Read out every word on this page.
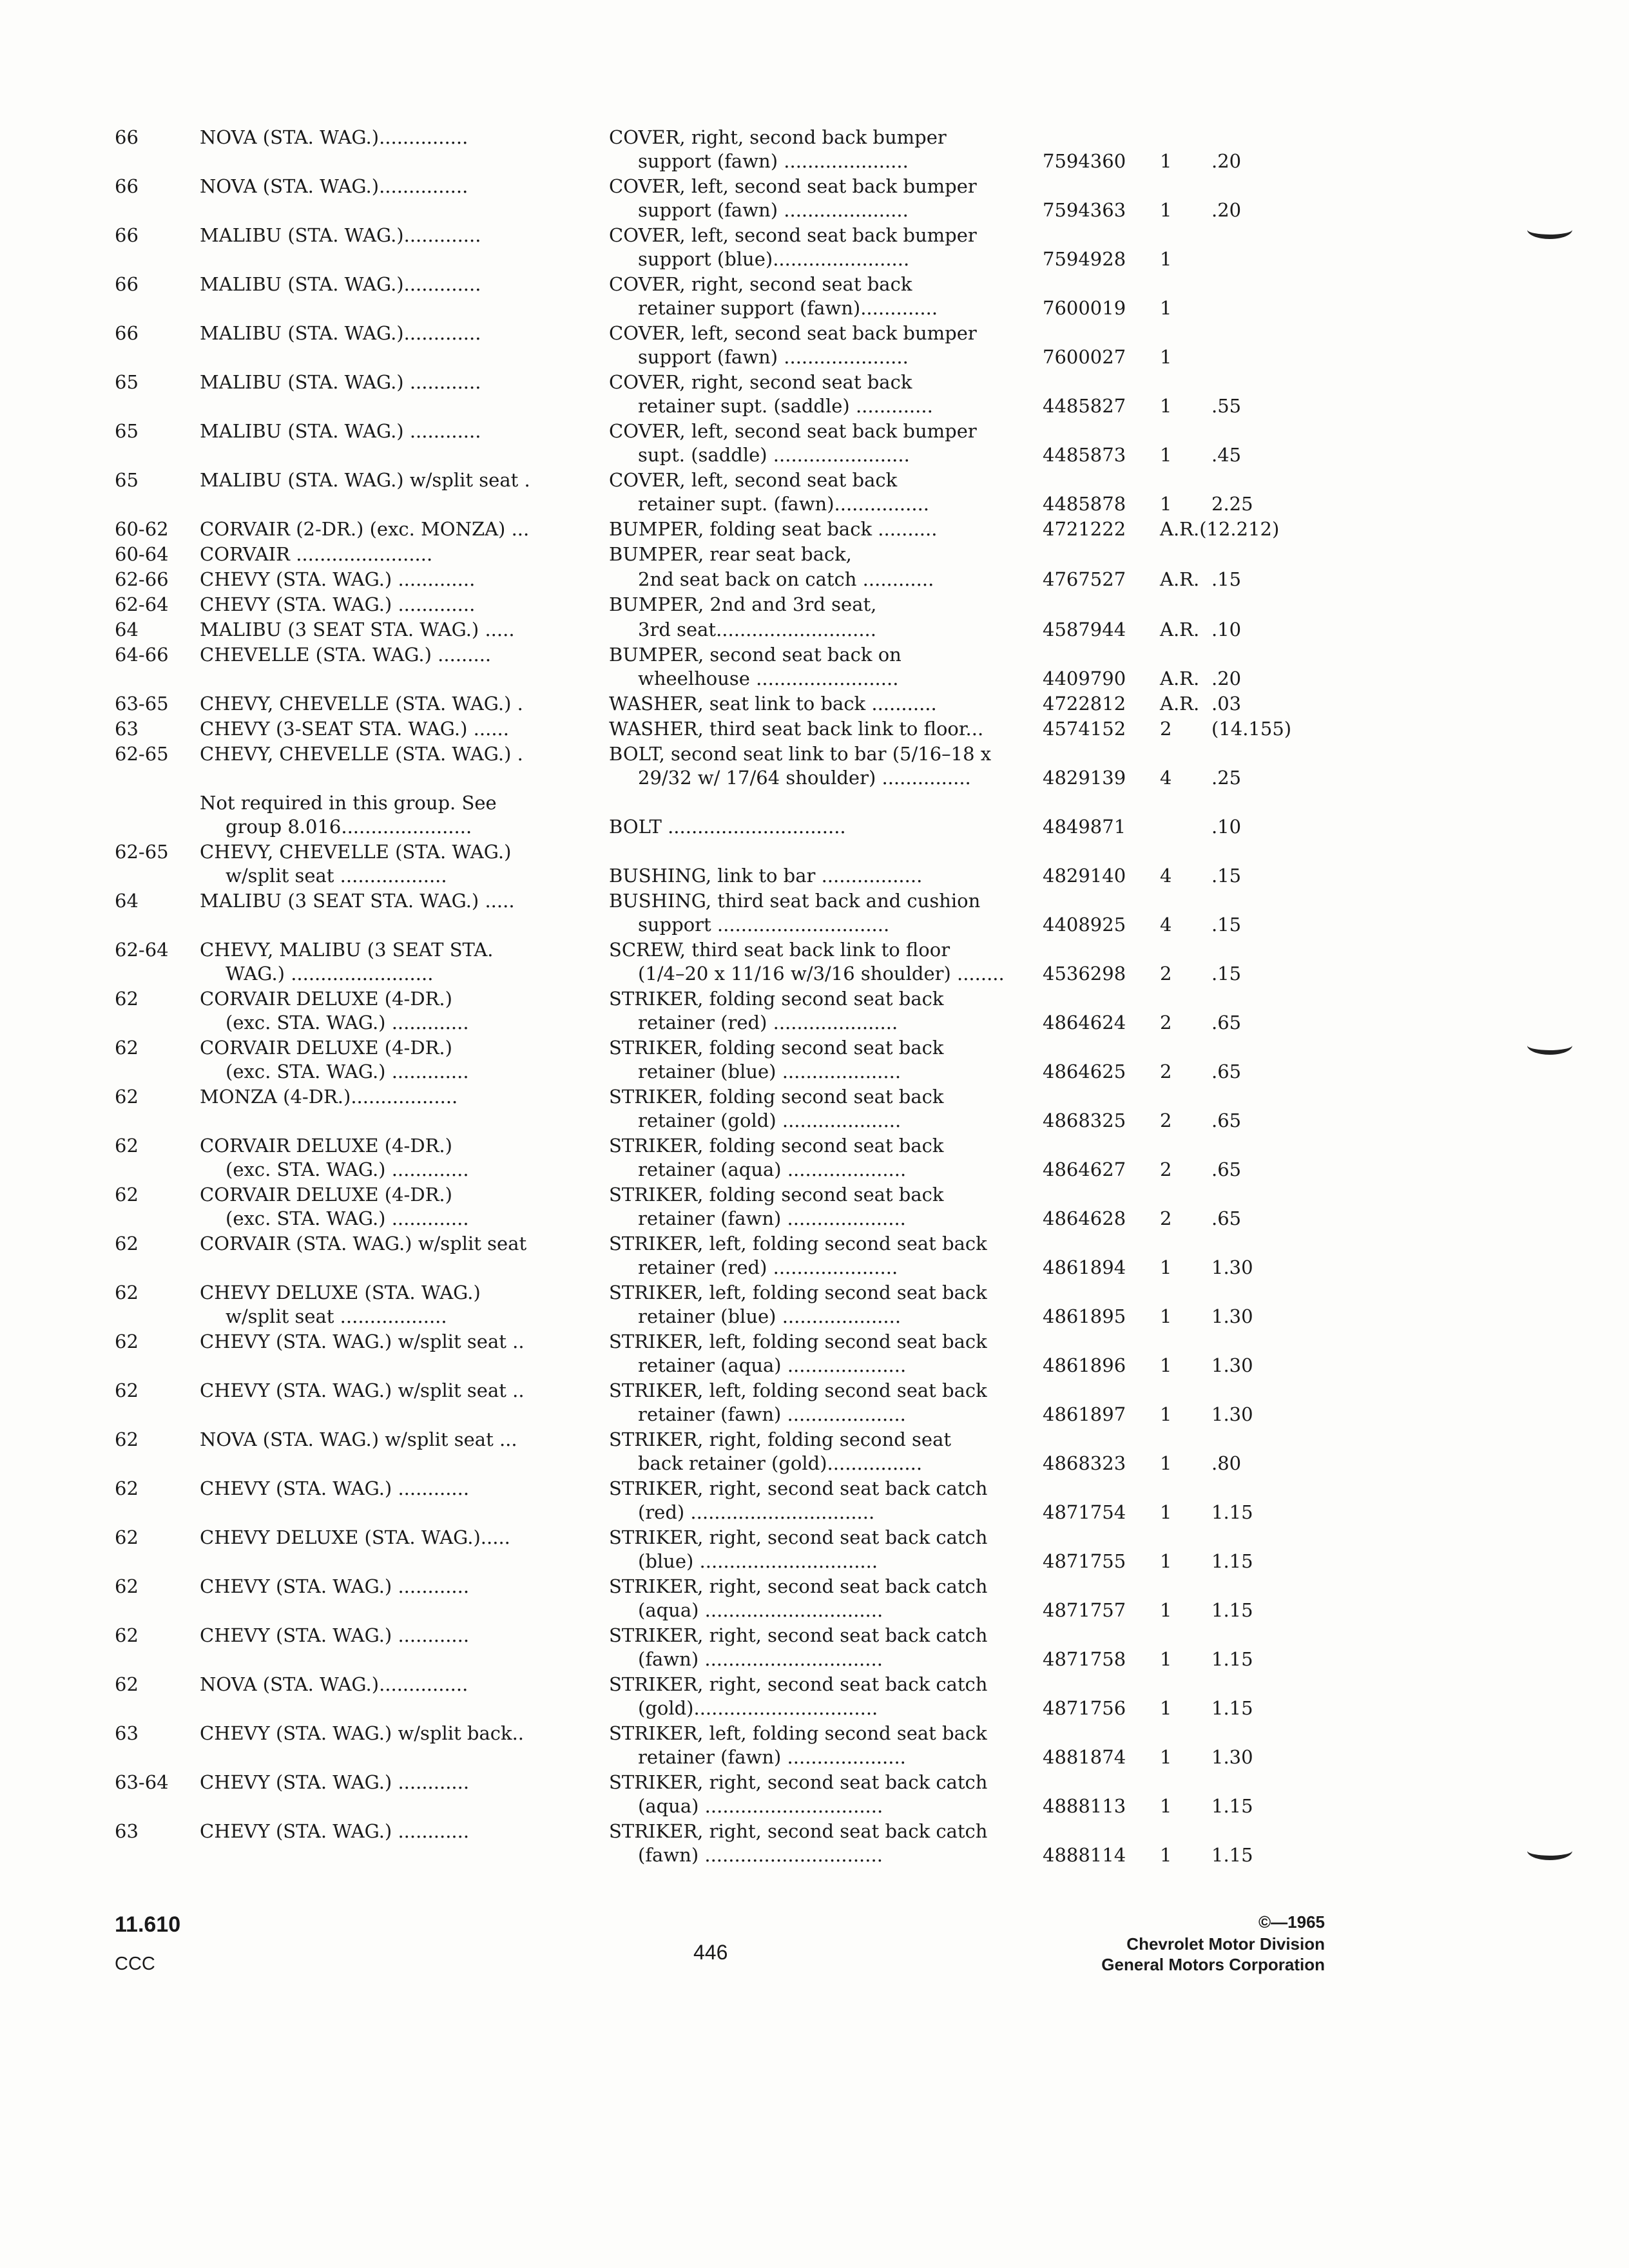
66	NOVA (STA. WAG.)...............	COVER, right, second back bumper
support (fawn) .....................	7594360 1 .20
66	NOVA (STA. WAG.)...............	COVER, left, second seat back bumper
support (fawn) .....................	7594363 1 .20
66	MALIBU (STA. WAG.).............	COVER, left, second seat back bumper
support (blue).......................	7594928 1
66	MALIBU (STA. WAG.).............	COVER, right, second seat back
retainer support (fawn).............	7600019 1
66	MALIBU (STA. WAG.).............	COVER, left, second seat back bumper
support (fawn) .....................	7600027 1
65	MALIBU (STA. WAG.) ............	COVER, right, second seat back
retainer supt. (saddle) .............	4485827 1 .55
65	MALIBU (STA. WAG.) ............	COVER, left, second seat back bumper
supt. (saddle) .......................	4485873 1 .45
65	MALIBU (STA. WAG.) w/split seat .	COVER, left, second seat back
retainer supt. (fawn)................	4485878 1 2.25
60-62 CORVAIR (2-DR.) (exc. MONZA) ...	BUMPER, folding seat back ..........	4721222 A.R.(12.212)
60-64 CORVAIR .......................	BUMPER, rear seat back,
62-66 CHEVY (STA. WAG.) .............	2nd seat back on catch ............	4767527 A.R. .15
62-64 CHEVY (STA. WAG.) .............	BUMPER, 2nd and 3rd seat,
64	MALIBU (3 SEAT STA. WAG.) .....	3rd seat...........................	4587944 A.R. .10
64-66 CHEVELLE (STA. WAG.) .........	BUMPER, second seat back on
wheelhouse ........................	4409790 A.R. .20
63-65 CHEVY, CHEVELLE (STA. WAG.) .	WASHER, seat link to back ...........	4722812 A.R. .03
63	CHEVY (3-SEAT STA. WAG.) ......	WASHER, third seat back link to floor...	4574152 2 (14.155)
62-65 CHEVY, CHEVELLE (STA. WAG.) .	BOLT, second seat link to bar (5/16–18 x
29/32 w/ 17/64 shoulder) ...............	4829139 4 .25
Not required in this group. See
group 8.016......................	BOLT ..............................	4849871	.10
62-65 CHEVY, CHEVELLE (STA. WAG.)
w/split seat ..................	BUSHING, link to bar .................	4829140 4 .15
64	MALIBU (3 SEAT STA. WAG.) .....	BUSHING, third seat back and cushion
support .............................	4408925 4 .15
62-64 CHEVY, MALIBU (3 SEAT STA.	SCREW, third seat back link to floor
WAG.) ........................	(1/4–20 x 11/16 w/3/16 shoulder) ........ 4536298 2 .15
62	CORVAIR DELUXE (4-DR.)	STRIKER, folding second seat back
(exc. STA. WAG.) .............	retainer (red) .....................	4864624 2 .65
62	CORVAIR DELUXE (4-DR.)	STRIKER, folding second seat back
(exc. STA. WAG.) .............	retainer (blue) ....................	4864625 2 .65
62	MONZA (4-DR.)..................	STRIKER, folding second seat back
retainer (gold) ....................	4868325 2 .65
62	CORVAIR DELUXE (4-DR.)	STRIKER, folding second seat back
(exc. STA. WAG.) .............	retainer (aqua) ....................	4864627 2 .65
62	CORVAIR DELUXE (4-DR.)	STRIKER, folding second seat back
(exc. STA. WAG.) .............	retainer (fawn) ....................	4864628 2 .65
62	CORVAIR (STA. WAG.) w/split seat	STRIKER, left, folding second seat back
retainer (red) .....................	4861894 1 1.30
62	CHEVY DELUXE (STA. WAG.)	STRIKER, left, folding second seat back
w/split seat ..................	retainer (blue) ....................	4861895 1 1.30
62	CHEVY (STA. WAG.) w/split seat ..	STRIKER, left, folding second seat back
retainer (aqua) ....................	4861896 1 1.30
62	CHEVY (STA. WAG.) w/split seat ..	STRIKER, left, folding second seat back
retainer (fawn) ....................	4861897 1 1.30
62	NOVA (STA. WAG.) w/split seat ...	STRIKER, right, folding second seat
back retainer (gold)................	4868323 1 .80
62	CHEVY (STA. WAG.) ............	STRIKER, right, second seat back catch
(red) ...............................	4871754 1 1.15
62	CHEVY DELUXE (STA. WAG.).....	STRIKER, right, second seat back catch
(blue) ..............................	4871755 1 1.15
62	CHEVY (STA. WAG.) ............	STRIKER, right, second seat back catch
(aqua) ..............................	4871757 1 1.15
62	CHEVY (STA. WAG.) ............	STRIKER, right, second seat back catch
(fawn) ..............................	4871758 1 1.15
62	NOVA (STA. WAG.)...............	STRIKER, right, second seat back catch
(gold)...............................	4871756 1 1.15
63	CHEVY (STA. WAG.) w/split back..	STRIKER, left, folding second seat back
retainer (fawn) ....................	4881874 1 1.30
63-64 CHEVY (STA. WAG.) ............	STRIKER, right, second seat back catch
(aqua) ..............................	4888113 1 1.15
63	CHEVY (STA. WAG.) ............	STRIKER, right, second seat back catch
(fawn) ..............................	4888114 1 1.15
11.610
CCC	446
©—1965
Chevrolet Motor Division
General Motors Corporation
